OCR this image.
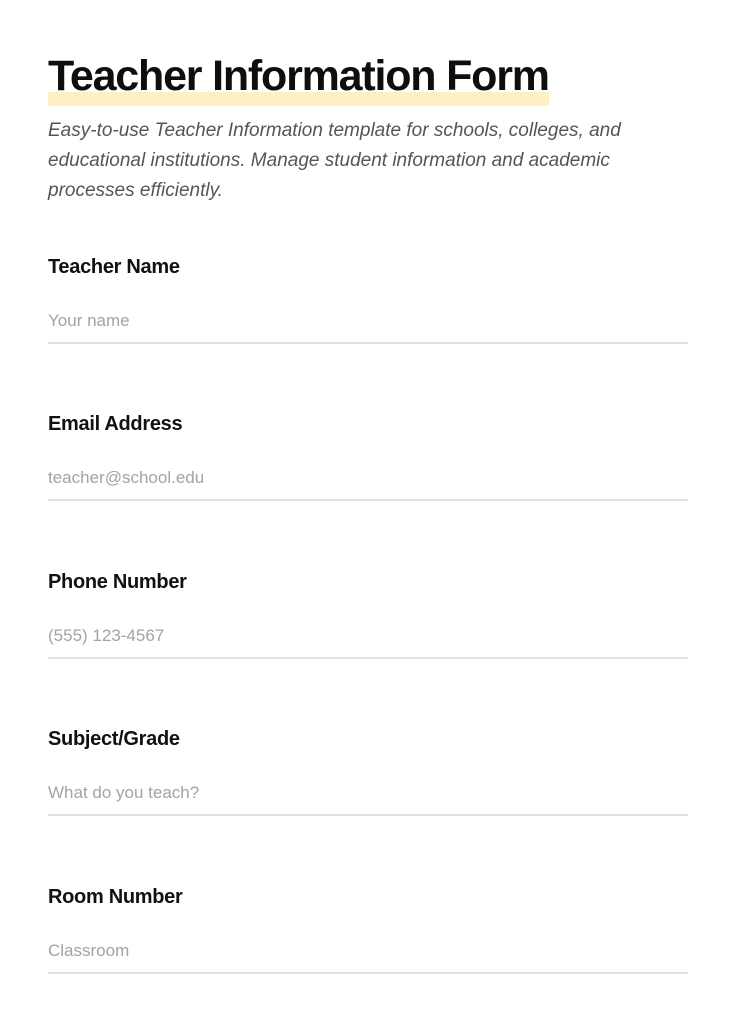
Teacher Information Form

Easy-to-use Teacher Information template for schools, colleges, and educational institutions. Manage student information and academic processes efficiently.

Teacher Name
Your name
Email Address
teacher@school.edu
Phone Number
(555) 123-4567
Subject/Grade
What do you teach?
Room Number
Classroom
